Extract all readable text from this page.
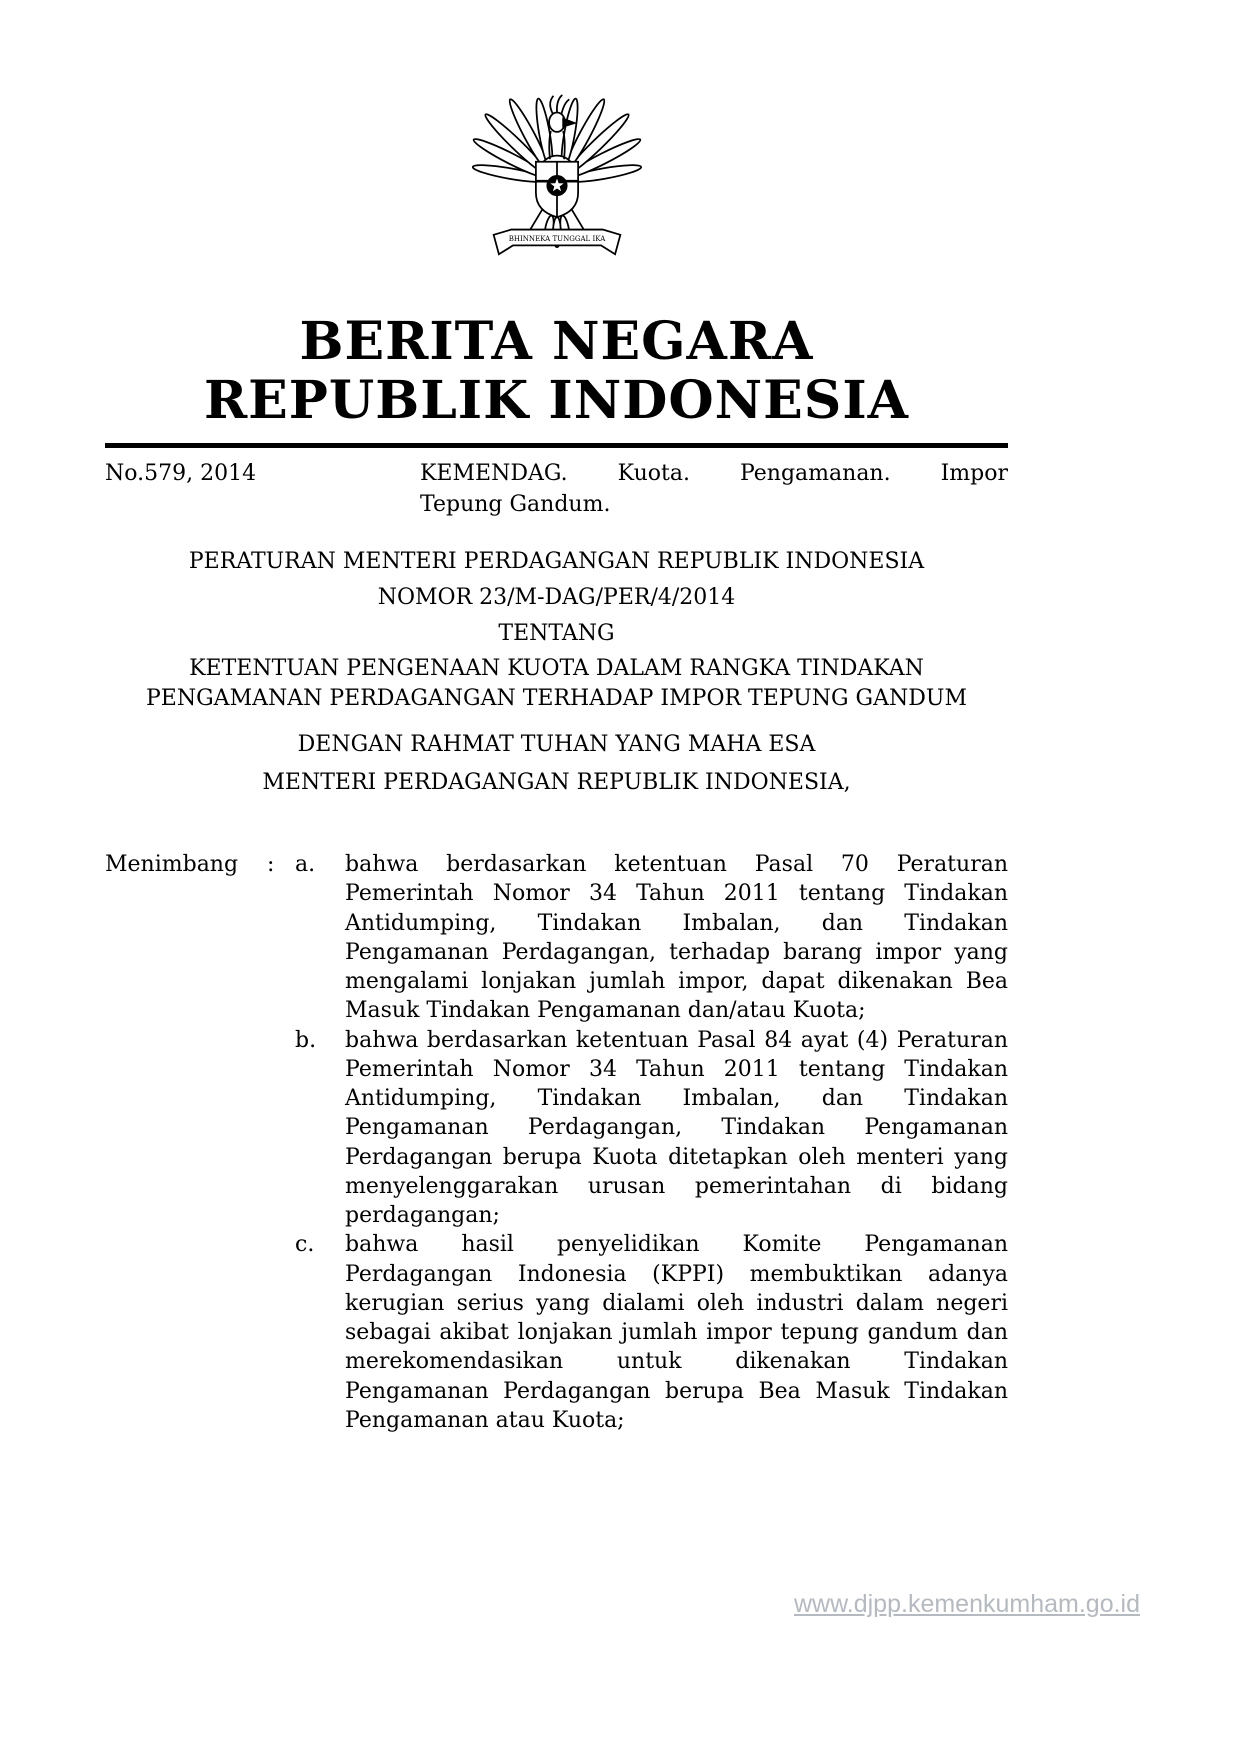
BHINNEKA TUNGGAL IKA
BERITA NEGARA
REPUBLIK INDONESIA
No.579, 2014	KEMENDAG. Kuota. Pengamanan. Impor
Tepung Gandum.
PERATURAN MENTERI PERDAGANGAN REPUBLIK INDONESIA
NOMOR 23/M-DAG/PER/4/2014
TENTANG
KETENTUAN PENGENAAN KUOTA DALAM RANGKA TINDAKAN PENGAMANAN PERDAGANGAN TERHADAP IMPOR TEPUNG GANDUM
DENGAN RAHMAT TUHAN YANG MAHA ESA
MENTERI PERDAGANGAN REPUBLIK INDONESIA,
Menimbang	: a.	bahwa berdasarkan ketentuan Pasal 70 Peraturan Pemerintah Nomor 34 Tahun 2011 tentang Tindakan Antidumping, Tindakan Imbalan, dan Tindakan Pengamanan Perdagangan, terhadap barang impor yang mengalami lonjakan jumlah impor, dapat dikenakan Bea Masuk Tindakan Pengamanan dan/atau Kuota;
b.	bahwa berdasarkan ketentuan Pasal 84 ayat (4) Peraturan Pemerintah Nomor 34 Tahun 2011 tentang Tindakan Antidumping, Tindakan Imbalan, dan Tindakan Pengamanan Perdagangan, Tindakan Pengamanan Perdagangan berupa Kuota ditetapkan oleh menteri yang menyelenggarakan urusan pemerintahan di bidang perdagangan;
c.	bahwa hasil penyelidikan Komite Pengamanan Perdagangan Indonesia (KPPI) membuktikan adanya kerugian serius yang dialami oleh industri dalam negeri sebagai akibat lonjakan jumlah impor tepung gandum dan merekomendasikan untuk dikenakan Tindakan Pengamanan Perdagangan berupa Bea Masuk Tindakan Pengamanan atau Kuota;
www.djpp.kemenkumham.go.id
